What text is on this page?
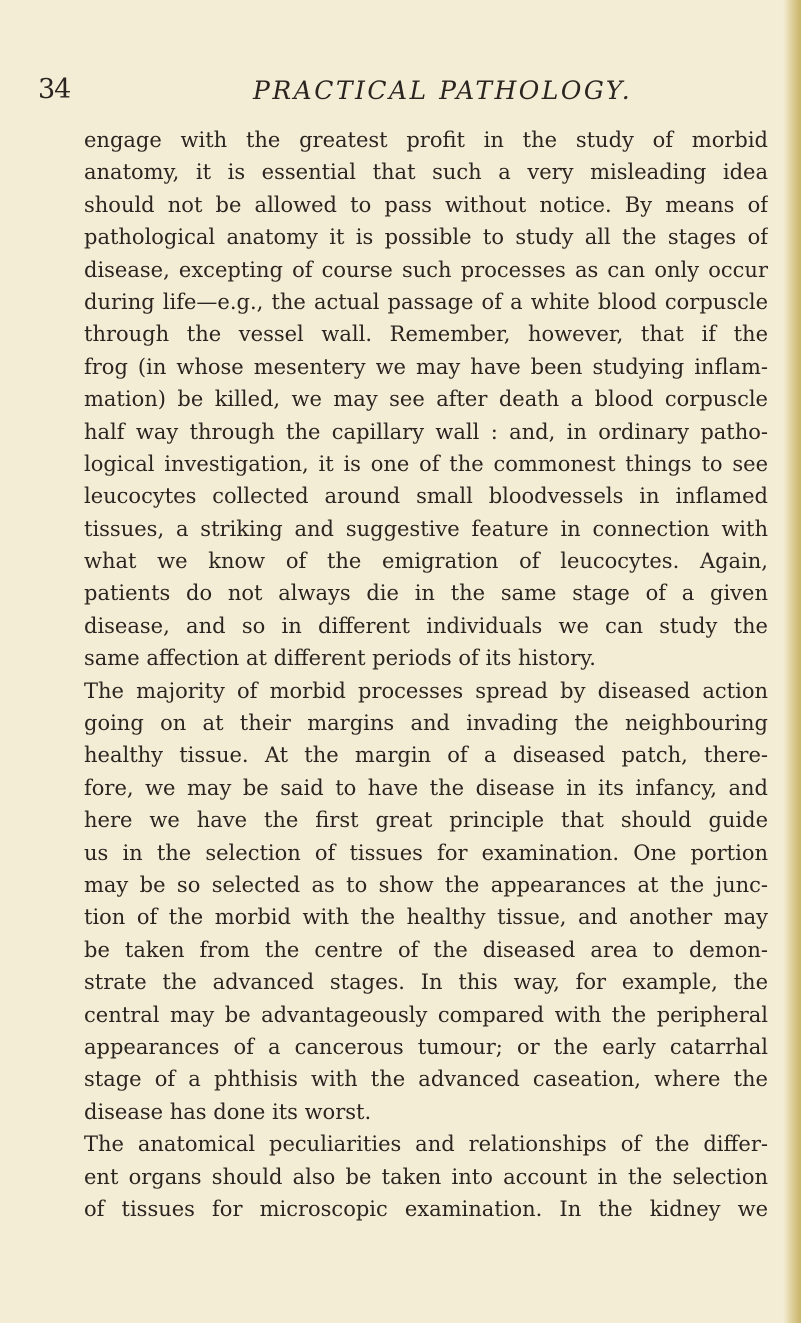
34	PRACTICAL PATHOLOGY.
engage with the greatest profit in the study of morbid
anatomy, it is essential that such a very misleading idea
should not be allowed to pass without notice. By means of
pathological anatomy it is possible to study all the stages of
disease, excepting of course such processes as can only occur
during life—e.g., the actual passage of a white blood corpuscle
through the vessel wall. Remember, however, that if the
frog (in whose mesentery we may have been studying inflam-
mation) be killed, we may see after death a blood corpuscle
half way through the capillary wall : and, in ordinary patho-
logical investigation, it is one of the commonest things to see
leucocytes collected around small bloodvessels in inflamed
tissues, a striking and suggestive feature in connection with
what we know of the emigration of leucocytes. Again,
patients do not always die in the same stage of a given
disease, and so in different individuals we can study the
same affection at different periods of its history.
The majority of morbid processes spread by diseased action
going on at their margins and invading the neighbouring
healthy tissue. At the margin of a diseased patch, there-
fore, we may be said to have the disease in its infancy, and
here we have the first great principle that should guide
us in the selection of tissues for examination. One portion
may be so selected as to show the appearances at the junc-
tion of the morbid with the healthy tissue, and another may
be taken from the centre of the diseased area to demon-
strate the advanced stages. In this way, for example, the
central may be advantageously compared with the peripheral
appearances of a cancerous tumour; or the early catarrhal
stage of a phthisis with the advanced caseation, where the
disease has done its worst.
The anatomical peculiarities and relationships of the differ-
ent organs should also be taken into account in the selection
of tissues for microscopic examination. In the kidney we
